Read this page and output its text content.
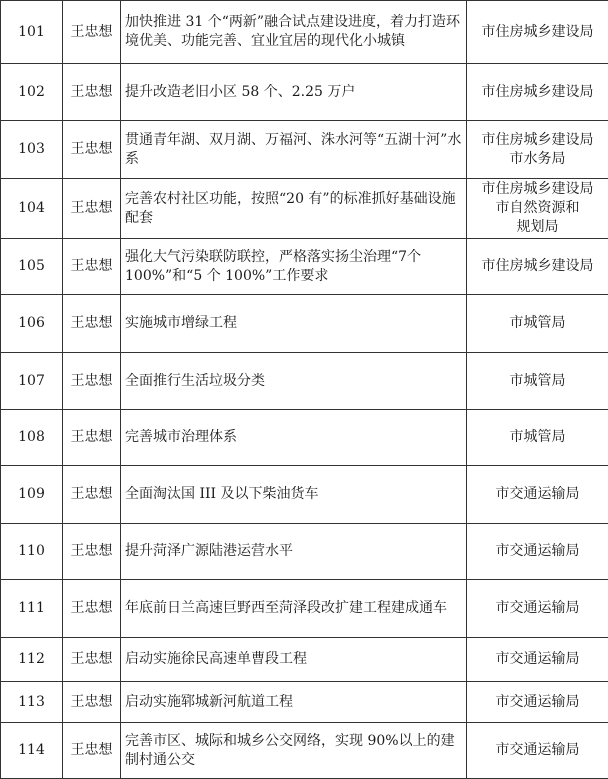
101	王忠想	加快推进 31 个“两新”融合试点建设进度，着力打造环境优美、功能完善、宜业宜居的现代化小城镇	市住房城乡建设局

102	王忠想	提升改造老旧小区 58 个、2.25 万户	市住房城乡建设局

103	王忠想	贯通青年湖、双月湖、万福河、洙水河等“五湖十河”水系	市住房城乡建设局
市水务局

104	王忠想	完善农村社区功能，按照“20 有”的标准抓好基础设施配套	市住房城乡建设局
市自然资源和
规划局

105	王忠想	强化大气污染联防联控，严格落实扬尘治理“7个 100%”和“5 个 100%”工作要求	市住房城乡建设局

106	王忠想	实施城市增绿工程	市城管局

107	王忠想	全面推行生活垃圾分类	市城管局

108	王忠想	完善城市治理体系	市城管局

109	王忠想	全面淘汰国 III 及以下柴油货车	市交通运输局

110	王忠想	提升菏泽广源陆港运营水平	市交通运输局

111	王忠想	年底前日兰高速巨野西至菏泽段改扩建工程建成通车	市交通运输局

112	王忠想	启动实施徐民高速单曹段工程	市交通运输局

113	王忠想	启动实施郓城新河航道工程	市交通运输局

114	王忠想	完善市区、城际和城乡公交网络，实现 90%以上的建制村通公交	市交通运输局
